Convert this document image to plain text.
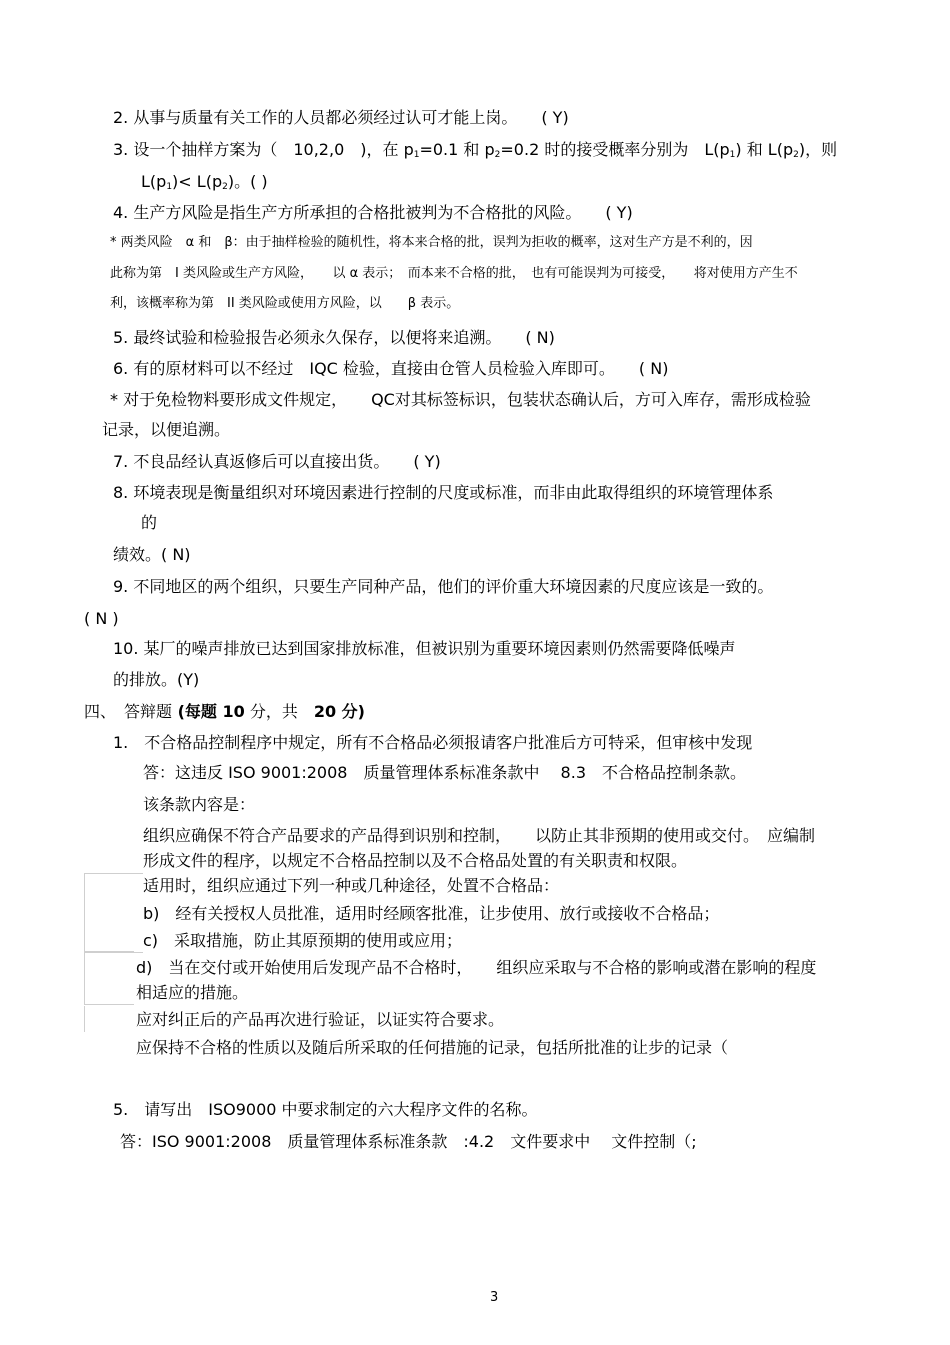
2. 从事与质量有关工作的人员都必须经过认可才能上岗。　　( Y)
3. 设一个抽样方案为（　10,2,0　)，在 $p_1=0.1$ 和 $p_2=0.2$ 时的接受概率分别为　$L(p_1)$ 和 $L(p_2)$，则
$L(p_1)< L(p_2)$。( )
4. 生产方风险是指生产方所承担的合格批被判为不合格批的风险。　　( Y)
* 两类风险　α 和　β：由于抽样检验的随机性，将本来合格的批，误判为拒收的概率，这对生产方是不利的，因
此称为第　I 类风险或生产方风险，　　以 α 表示；　而本来不合格的批，　也有可能误判为可接受，　　将对使用方产生不
利，该概率称为第　II 类风险或使用方风险，以　　β 表示。
5. 最终试验和检验报告必须永久保存，以便将来追溯。　　( N)
6. 有的原材料可以不经过　IQC 检验，直接由仓管人员检验入库即可。　　( N)
* 对于免检物料要形成文件规定，　　QC对其标签标识，包装状态确认后，方可入库存，需形成检验
记录，以便追溯。
7. 不良品经认真返修后可以直接出货。　　( Y)
8. 环境表现是衡量组织对环境因素进行控制的尺度或标准，而非由此取得组织的环境管理体系
的
绩效。( N)
9. 不同地区的两个组织，只要生产同种产品，他们的评价重大环境因素的尺度应该是一致的。
( N )
10. 某厂的噪声排放已达到国家排放标准，但被识别为重要环境因素则仍然需要降低噪声
的排放。(Y)
四、　答辩题 (每题 10 分，共　20 分)
1.　不合格品控制程序中规定，所有不合格品必须报请客户批准后方可特采，但审核中发现
答：这违反 ISO 9001:2008　质量管理体系标准条款中　 8.3　不合格品控制条款。
该条款内容是：
组织应确保不符合产品要求的产品得到识别和控制，　　以防止其非预期的使用或交付。　应编制
形成文件的程序，以规定不合格品控制以及不合格品处置的有关职责和权限。
适用时，组织应通过下列一种或几种途径，处置不合格品：
b)　经有关授权人员批准，适用时经顾客批准，让步使用、放行或接收不合格品；
c)　采取措施，防止其原预期的使用或应用；
d)　当在交付或开始使用后发现产品不合格时，　　组织应采取与不合格的影响或潜在影响的程度
相适应的措施。
应对纠正后的产品再次进行验证，以证实符合要求。
应保持不合格的性质以及随后所采取的任何措施的记录，包括所批准的让步的记录（
5.　请写出　ISO9000 中要求制定的六大程序文件的名称。
答：ISO 9001:2008　质量管理体系标准条款　:4.2　文件要求中　 文件控制（;
3
